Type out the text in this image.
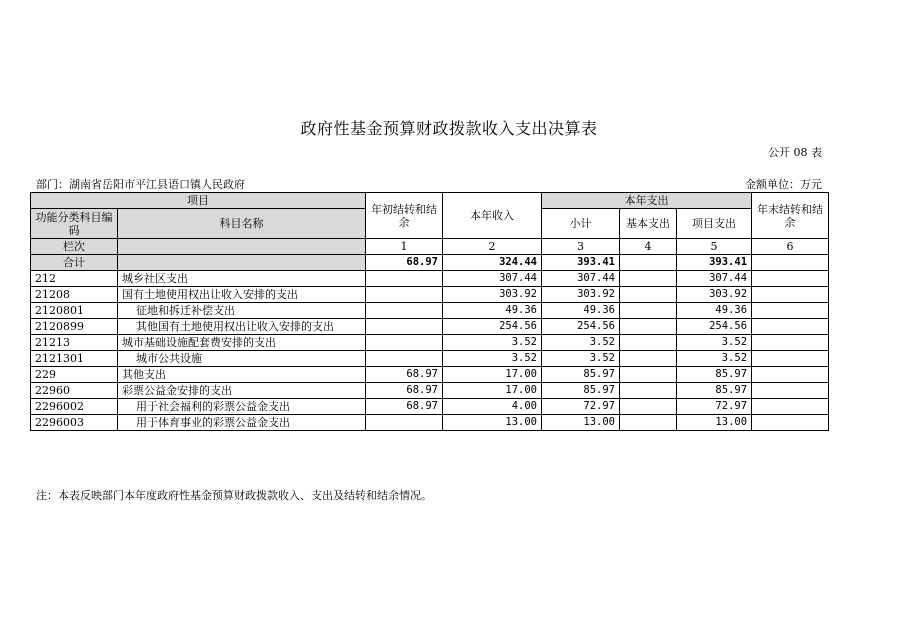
政府性基金预算财政拨款收入支出决算表
公开 08 表
部门：湖南省岳阳市平江县语口镇人民政府	金额单位：万元
项目		年初结转和结余	本年收入	本年支出			年末结转和结余
功能分类科目编码	科目名称			小计	基本支出	项目支出	

栏次		1	2	3	4	5	6
合计		68.97	324.44	393.41		393.41	
212	城乡社区支出		307.44	307.44		307.44	
21208	国有土地使用权出让收入安排的支出		303.92	303.92		303.92	
2120801	征地和拆迁补偿支出		49.36	49.36		49.36	
2120899	其他国有土地使用权出让收入安排的支出		254.56	254.56		254.56	
21213	城市基础设施配套费安排的支出		3.52	3.52		3.52	
2121301	城市公共设施		3.52	3.52		3.52	
229	其他支出	68.97	17.00	85.97		85.97	
22960	彩票公益金安排的支出	68.97	17.00	85.97		85.97	
2296002	用于社会福利的彩票公益金支出	68.97	4.00	72.97		72.97	
2296003	用于体育事业的彩票公益金支出		13.00	13.00		13.00	
注：本表反映部门本年度政府性基金预算财政拨款收入、支出及结转和结余情况。
